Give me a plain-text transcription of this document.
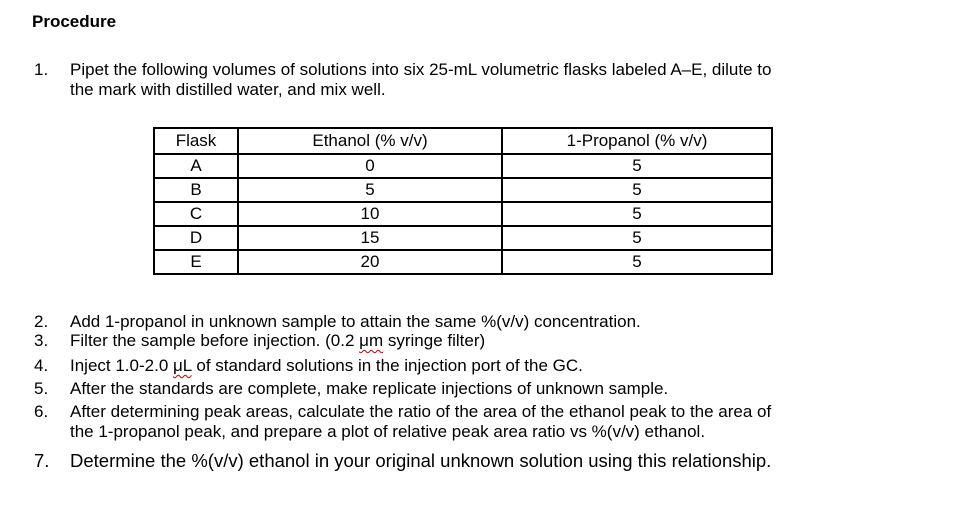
Procedure
1.	Pipet the following volumes of solutions into six 25-mL volumetric flasks labeled A–E, dilute to
the mark with distilled water, and mix well.
Flask	Ethanol (% v/v)	1-Propanol (% v/v)
A	0	5
B	5	5
C	10	5
D	15	5
E	20	5
2.	Add 1-propanol in unknown sample to attain the same %(v/v) concentration.
3.	Filter the sample before injection. (0.2 μm syringe filter)
4.	Inject 1.0-2.0 μL of standard solutions in the injection port of the GC.
5.	After the standards are complete, make replicate injections of unknown sample.
6.	After determining peak areas, calculate the ratio of the area of the ethanol peak to the area of
the 1-propanol peak, and prepare a plot of relative peak area ratio vs %(v/v) ethanol.
7.	Determine the %(v/v) ethanol in your original unknown solution using this relationship.
